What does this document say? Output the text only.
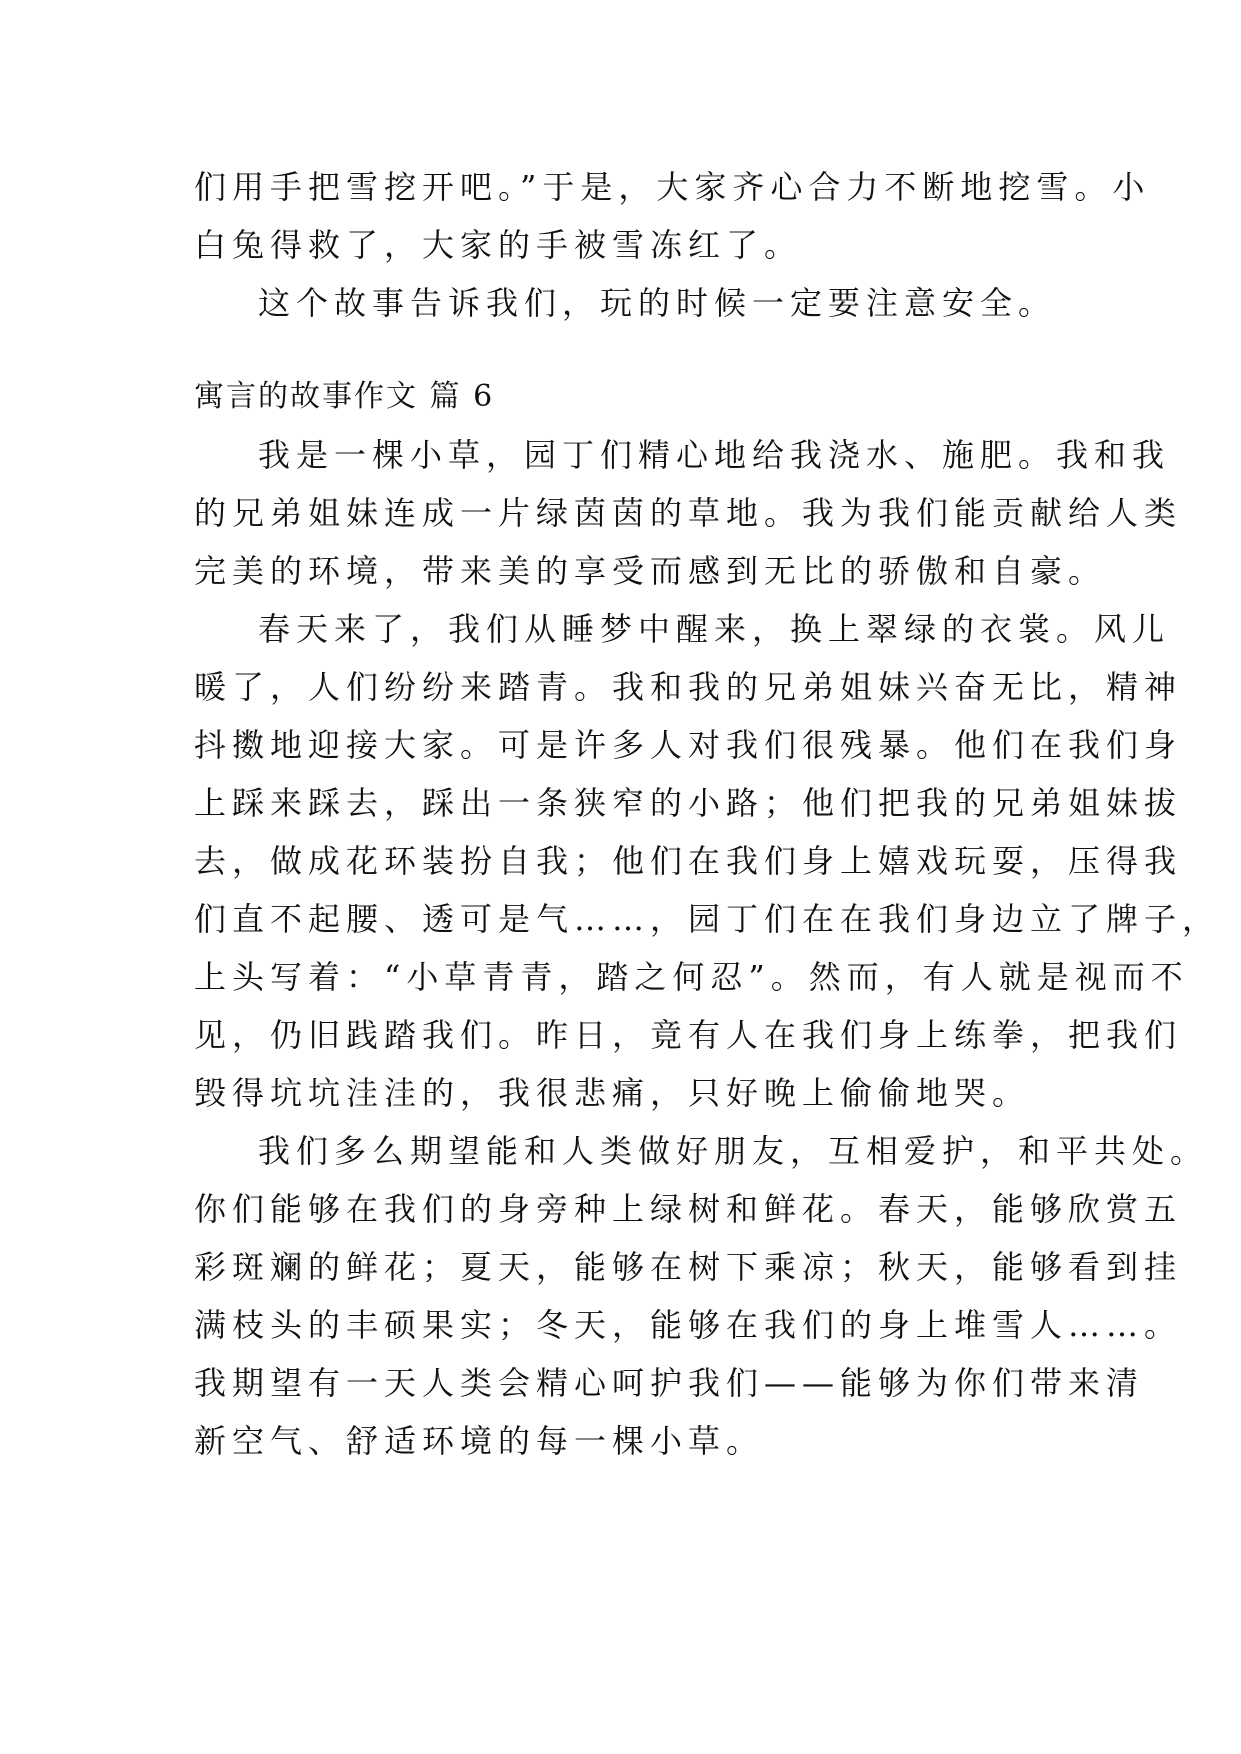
们用手把雪挖开吧。”于是，大家齐心合力不断地挖雪。小
白兔得救了，大家的手被雪冻红了。
这个故事告诉我们，玩的时候一定要注意安全。
寓言的故事作文 篇 6
我是一棵小草，园丁们精心地给我浇水、施肥。我和我
的兄弟姐妹连成一片绿茵茵的草地。我为我们能贡献给人类
完美的环境，带来美的享受而感到无比的骄傲和自豪。
春天来了，我们从睡梦中醒来，换上翠绿的衣裳。风儿
暖了，人们纷纷来踏青。我和我的兄弟姐妹兴奋无比，精神
抖擞地迎接大家。可是许多人对我们很残暴。他们在我们身
上踩来踩去，踩出一条狭窄的小路；他们把我的兄弟姐妹拔
去，做成花环装扮自我；他们在我们身上嬉戏玩耍，压得我
们直不起腰、透可是气……，园丁们在在我们身边立了牌子，
上头写着：“小草青青，踏之何忍”。然而，有人就是视而不
见，仍旧践踏我们。昨日，竟有人在我们身上练拳，把我们
毁得坑坑洼洼的，我很悲痛，只好晚上偷偷地哭。
我们多么期望能和人类做好朋友，互相爱护，和平共处。
你们能够在我们的身旁种上绿树和鲜花。春天，能够欣赏五
彩斑斓的鲜花；夏天，能够在树下乘凉；秋天，能够看到挂
满枝头的丰硕果实；冬天，能够在我们的身上堆雪人……。
我期望有一天人类会精心呵护我们——能够为你们带来清
新空气、舒适环境的每一棵小草。
